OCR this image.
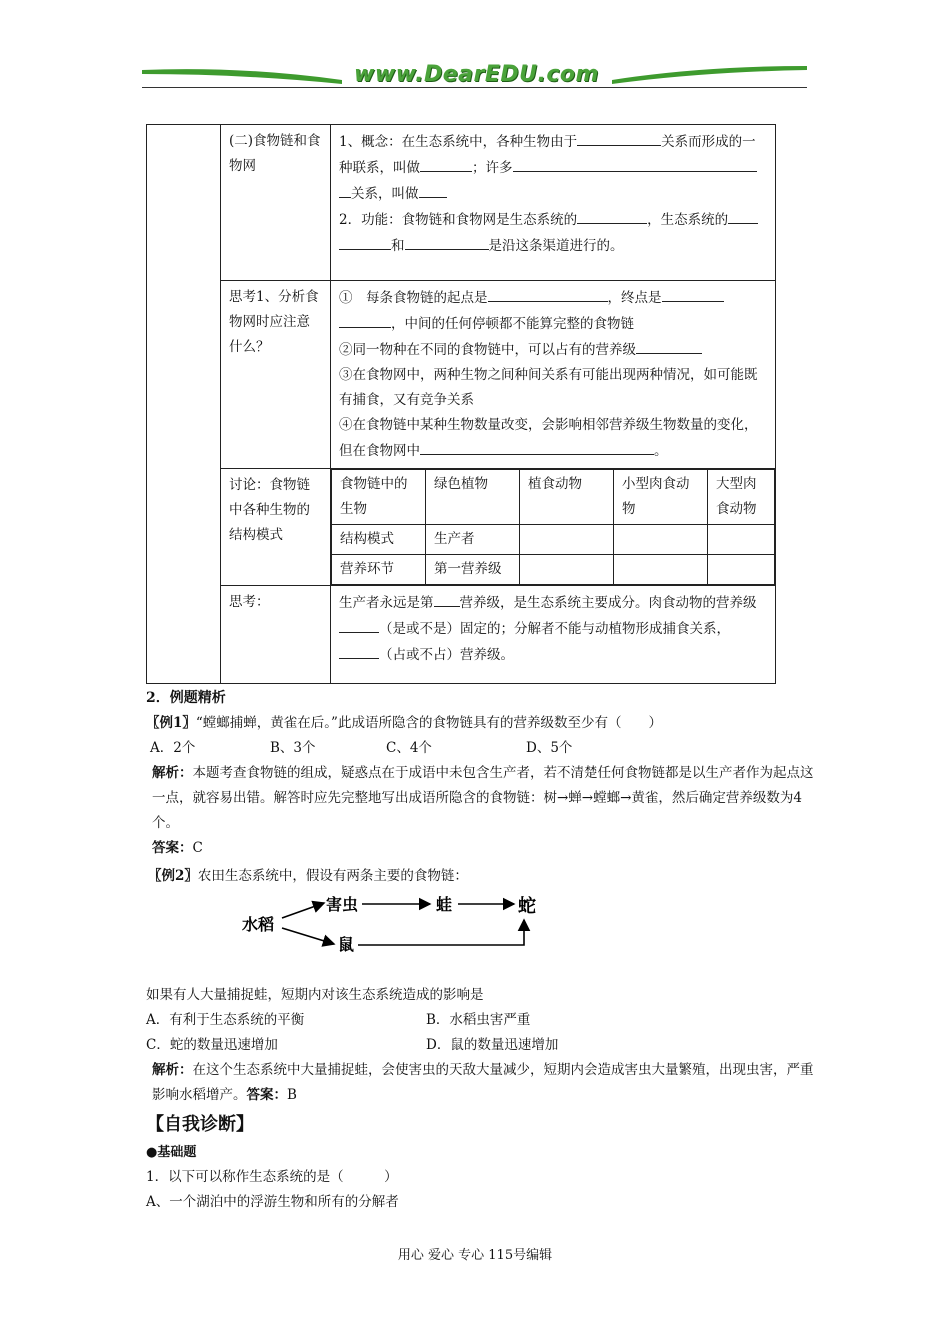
www.DearEDU.com
	(二)食物链和食物网	1、概念：在生态系统中，各种生物由于	关系而形成的一种联系，叫做	；许多关系，叫做
2．功能：食物链和食物网是生态系统的	，生态系统的
和	是沿这条渠道进行的。
思考1、分析食物网时应注意什么？	①　每条食物链的起点是	，终点是
，中间的任何停顿都不能算完整的食物链
②同一物种在不同的食物链中，可以占有的营养级
③在食物网中，两种生物之间种间关系有可能出现两种情况，如可能既有捕食，又有竞争关系
④在食物链中某种生物数量改变，会影响相邻营养级生物数量的变化，但在食物网中	。
讨论：食物链中各种生物的结构模式	
食物链中的生物	绿色植物	植食动物	小型肉食动物	大型肉食动物
结构模式	生产者			
营养环节	第一营养级			

思考：	生产者永远是第 营养级，是生态系统主要成分。肉食动物的营养级（是或不是）固定的；分解者不能与动植物形成捕食关系，（占或不占）营养级。
2．例题精析
〖例1〗“螳螂捕蝉，黄雀在后。”此成语所隐含的食物链具有的营养级数至少有（　　）
A．2个	B、3个	C、4个	D、5个
解析：本题考查食物链的组成，疑惑点在于成语中未包含生产者，若不清楚任何食物链都是以生产者作为起点这一点，就容易出错。解答时应先完整地写出成语所隐含的食物链：树→蝉→螳螂→黄雀，然后确定营养级数为4个。
答案：C
〖例2〗农田生态系统中，假设有两条主要的食物链：
水稻
害虫	蛙	蛇
鼠
如果有人大量捕捉蛙，短期内对该生态系统造成的影响是
A．有利于生态系统的平衡	B．水稻虫害严重
C．蛇的数量迅速增加	D．鼠的数量迅速增加
解析：在这个生态系统中大量捕捉蛙，会使害虫的天敌大量减少，短期内会造成害虫大量繁殖，出现虫害，严重影响水稻增产。答案：B
【自我诊断】
●基础题
1．以下可以称作生态系统的是（　　　）
A、一个湖泊中的浮游生物和所有的分解者
用心 爱心 专心 115号编辑
